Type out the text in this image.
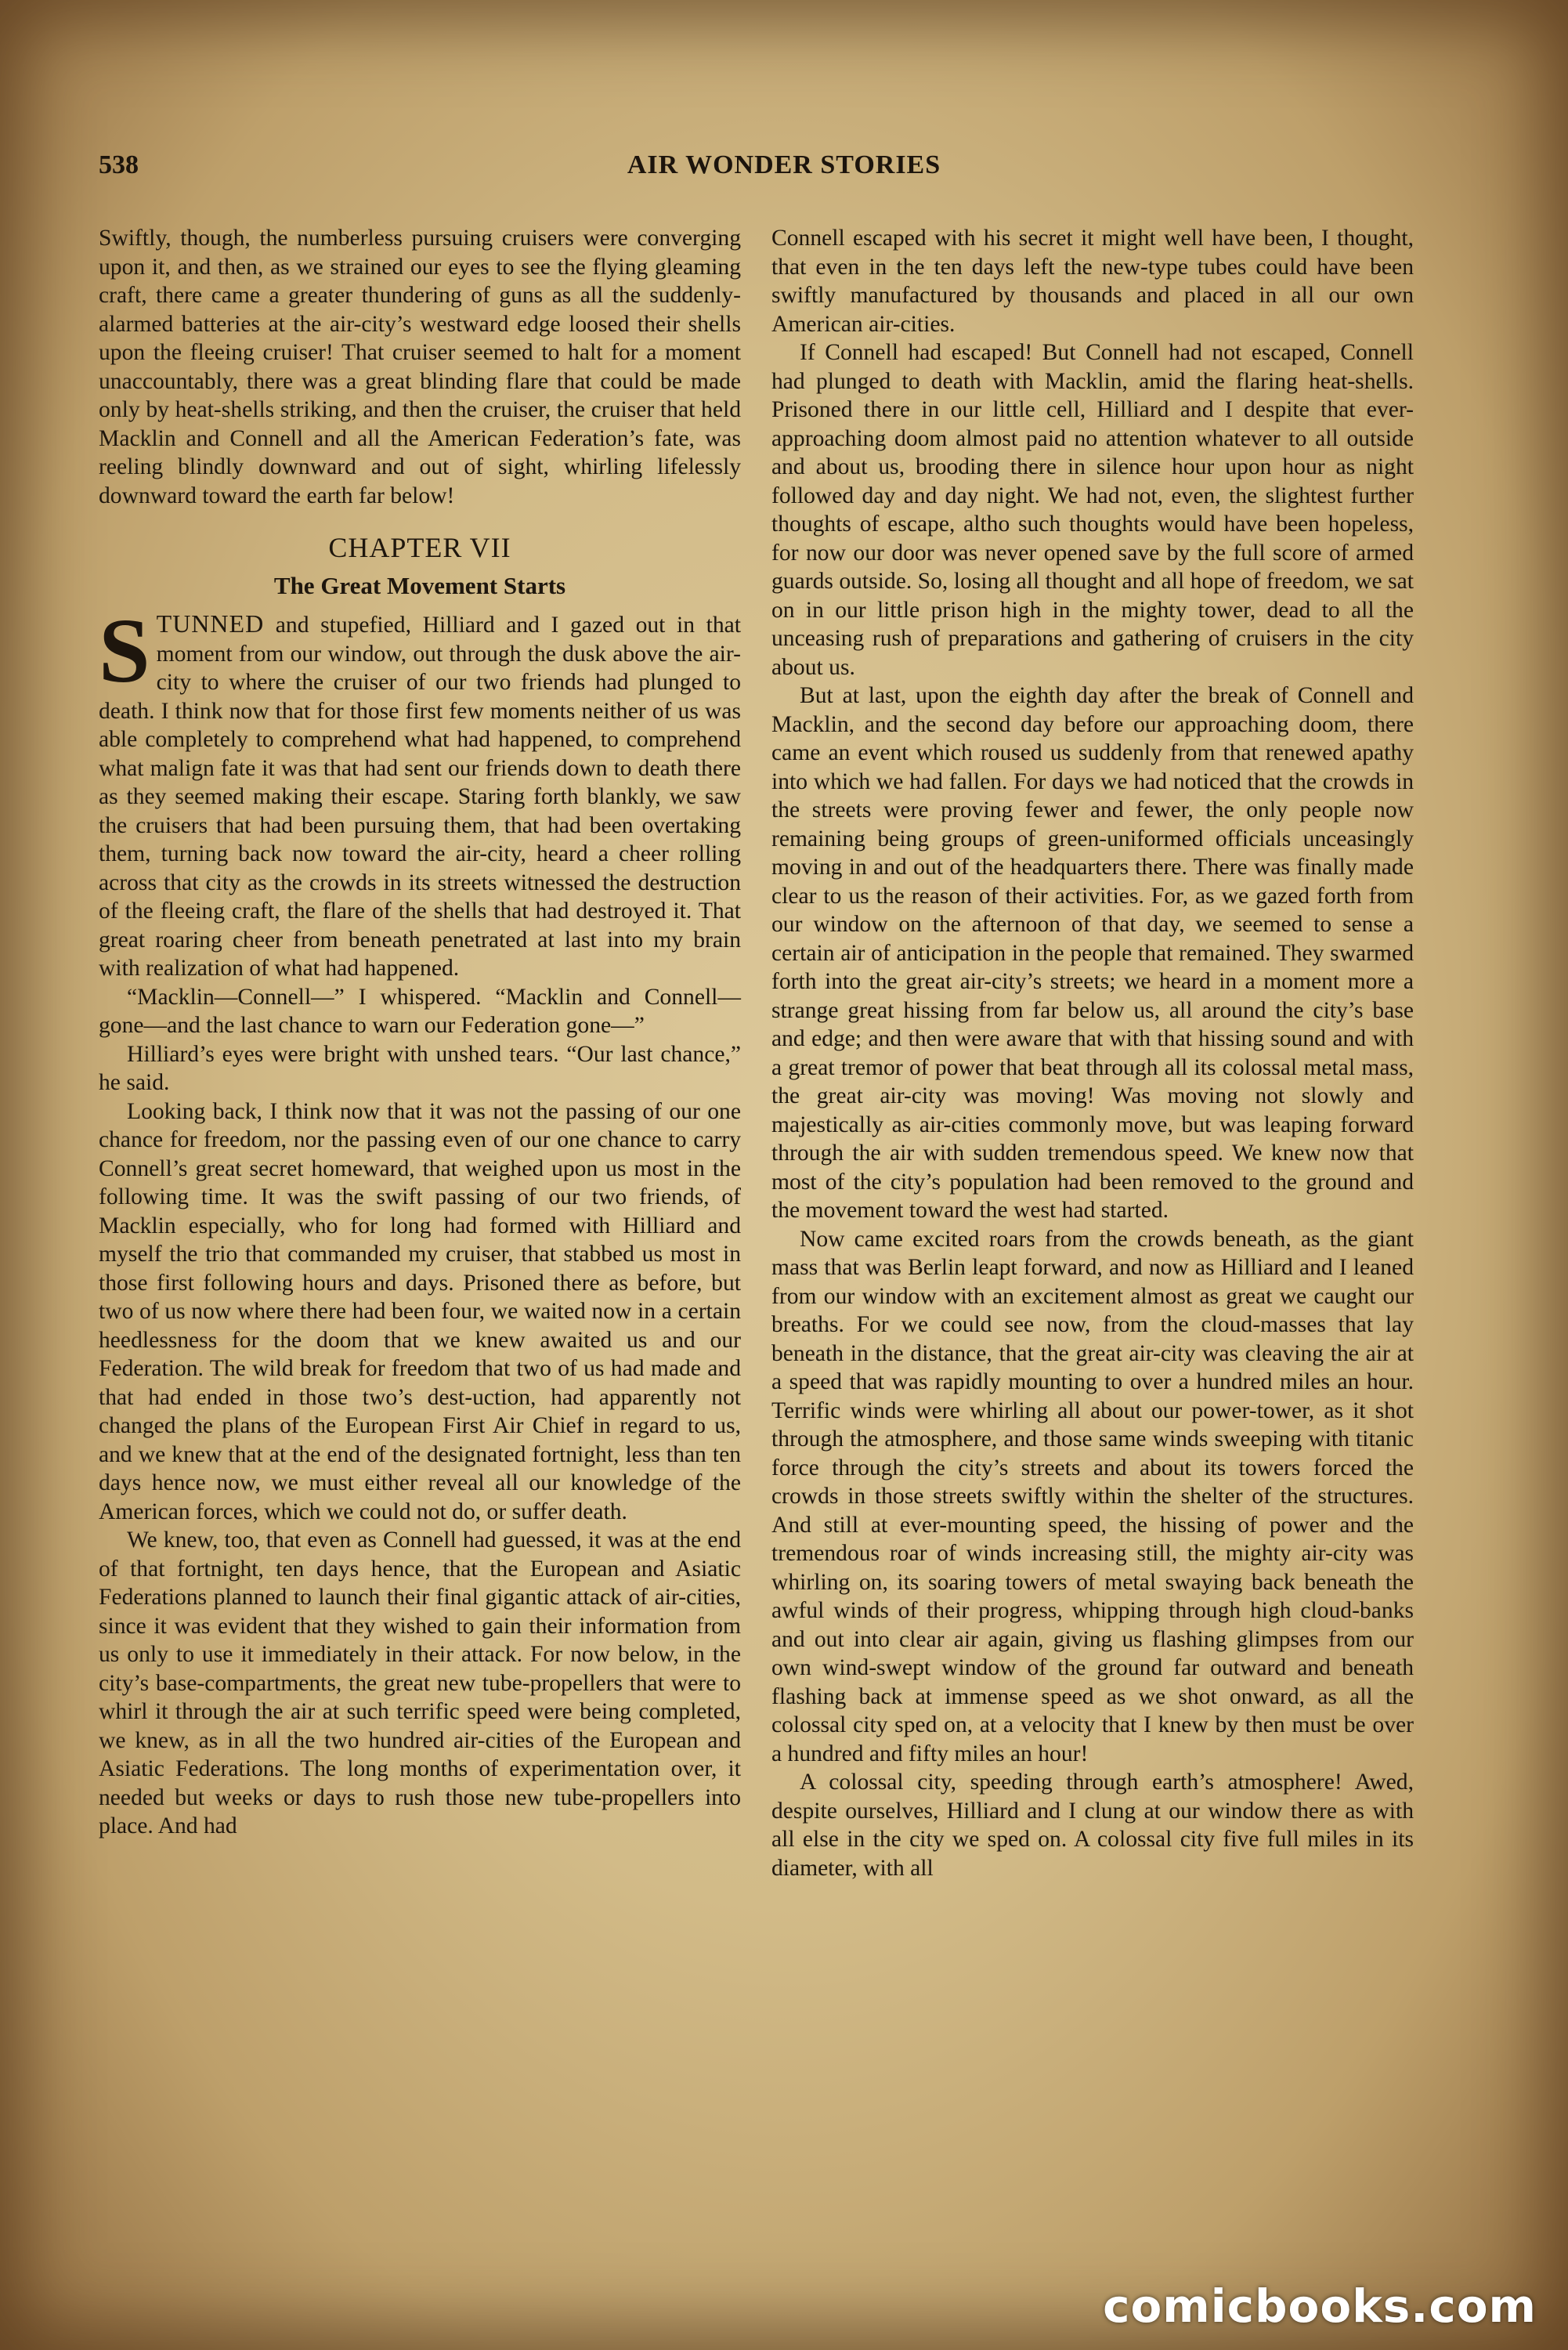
538	AIR WONDER STORIES

Swiftly, though, the numberless pursuing cruisers were converging upon it, and then, as we strained our eyes to see the flying gleaming craft, there came a greater thundering of guns as all the suddenly-alarmed batteries at the air-city’s westward edge loosed their shells upon the fleeing cruiser! That cruiser seemed to halt for a moment unaccountably, there was a great blinding flare that could be made only by heat-shells striking, and then the cruiser, the cruiser that held Macklin and Connell and all the American Federation’s fate, was reeling blindly downward and out of sight, whirling lifelessly downward toward the earth far below!

CHAPTER VII
The Great Movement Starts

STUNNED and stupefied, Hilliard and I gazed out in that moment from our window, out through the dusk above the air-city to where the cruiser of our two friends had plunged to death. I think now that for those first few moments neither of us was able completely to comprehend what had happened, to comprehend what malign fate it was that had sent our friends down to death there as they seemed making their escape. Staring forth blankly, we saw the cruisers that had been pursuing them, that had been overtaking them, turning back now toward the air-city, heard a cheer rolling across that city as the crowds in its streets witnessed the destruction of the fleeing craft, the flare of the shells that had destroyed it. That great roaring cheer from beneath penetrated at last into my brain with realization of what had happened.

“Macklin—Connell—” I whispered. “Macklin and Connell—gone—and the last chance to warn our Federation gone—”

Hilliard’s eyes were bright with unshed tears. “Our last chance,” he said.

Looking back, I think now that it was not the passing of our one chance for freedom, nor the passing even of our one chance to carry Connell’s great secret homeward, that weighed upon us most in the following time. It was the swift passing of our two friends, of Macklin especially, who for long had formed with Hilliard and myself the trio that commanded my cruiser, that stabbed us most in those first following hours and days. Prisoned there as before, but two of us now where there had been four, we waited now in a certain heedlessness for the doom that we knew awaited us and our Federation. The wild break for freedom that two of us had made and that had ended in those two’s dest-uction, had apparently not changed the plans of the European First Air Chief in regard to us, and we knew that at the end of the designated fortnight, less than ten days hence now, we must either reveal all our knowledge of the American forces, which we could not do, or suffer death.

We knew, too, that even as Connell had guessed, it was at the end of that fortnight, ten days hence, that the European and Asiatic Federations planned to launch their final gigantic attack of air-cities, since it was evident that they wished to gain their information from us only to use it immediately in their attack. For now below, in the city’s base-compartments, the great new tube-propellers that were to whirl it through the air at such terrific speed were being completed, we knew, as in all the two hundred air-cities of the European and Asiatic Federations. The long months of experimentation over, it needed but weeks or days to rush those new tube-propellers into place. And had

Connell escaped with his secret it might well have been, I thought, that even in the ten days left the new-type tubes could have been swiftly manufactured by thousands and placed in all our own American air-cities.

If Connell had escaped! But Connell had not escaped, Connell had plunged to death with Macklin, amid the flaring heat-shells. Prisoned there in our little cell, Hilliard and I despite that ever-approaching doom almost paid no attention whatever to all outside and about us, brooding there in silence hour upon hour as night followed day and day night. We had not, even, the slightest further thoughts of escape, altho such thoughts would have been hopeless, for now our door was never opened save by the full score of armed guards outside. So, losing all thought and all hope of freedom, we sat on in our little prison high in the mighty tower, dead to all the unceasing rush of preparations and gathering of cruisers in the city about us.

But at last, upon the eighth day after the break of Connell and Macklin, and the second day before our approaching doom, there came an event which roused us suddenly from that renewed apathy into which we had fallen. For days we had noticed that the crowds in the streets were proving fewer and fewer, the only people now remaining being groups of green-uniformed officials unceasingly moving in and out of the headquarters there. There was finally made clear to us the reason of their activities. For, as we gazed forth from our window on the afternoon of that day, we seemed to sense a certain air of anticipation in the people that remained. They swarmed forth into the great air-city’s streets; we heard in a moment more a strange great hissing from far below us, all around the city’s base and edge; and then were aware that with that hissing sound and with a great tremor of power that beat through all its colossal metal mass, the great air-city was moving! Was moving not slowly and majestically as air-cities commonly move, but was leaping forward through the air with sudden tremendous speed. We knew now that most of the city’s population had been removed to the ground and the movement toward the west had started.

Now came excited roars from the crowds beneath, as the giant mass that was Berlin leapt forward, and now as Hilliard and I leaned from our window with an excitement almost as great we caught our breaths. For we could see now, from the cloud-masses that lay beneath in the distance, that the great air-city was cleaving the air at a speed that was rapidly mounting to over a hundred miles an hour. Terrific winds were whirling all about our power-tower, as it shot through the atmosphere, and those same winds sweeping with titanic force through the city’s streets and about its towers forced the crowds in those streets swiftly within the shelter of the structures. And still at ever-mounting speed, the hissing of power and the tremendous roar of winds increasing still, the mighty air-city was whirling on, its soaring towers of metal swaying back beneath the awful winds of their progress, whipping through high cloud-banks and out into clear air again, giving us flashing glimpses from our own wind-swept window of the ground far outward and beneath flashing back at immense speed as we shot onward, as all the colossal city sped on, at a velocity that I knew by then must be over a hundred and fifty miles an hour!

A colossal city, speeding through earth’s atmosphere! Awed, despite ourselves, Hilliard and I clung at our window there as with all else in the city we sped on. A colossal city five full miles in its diameter, with all

comicbooks.com
